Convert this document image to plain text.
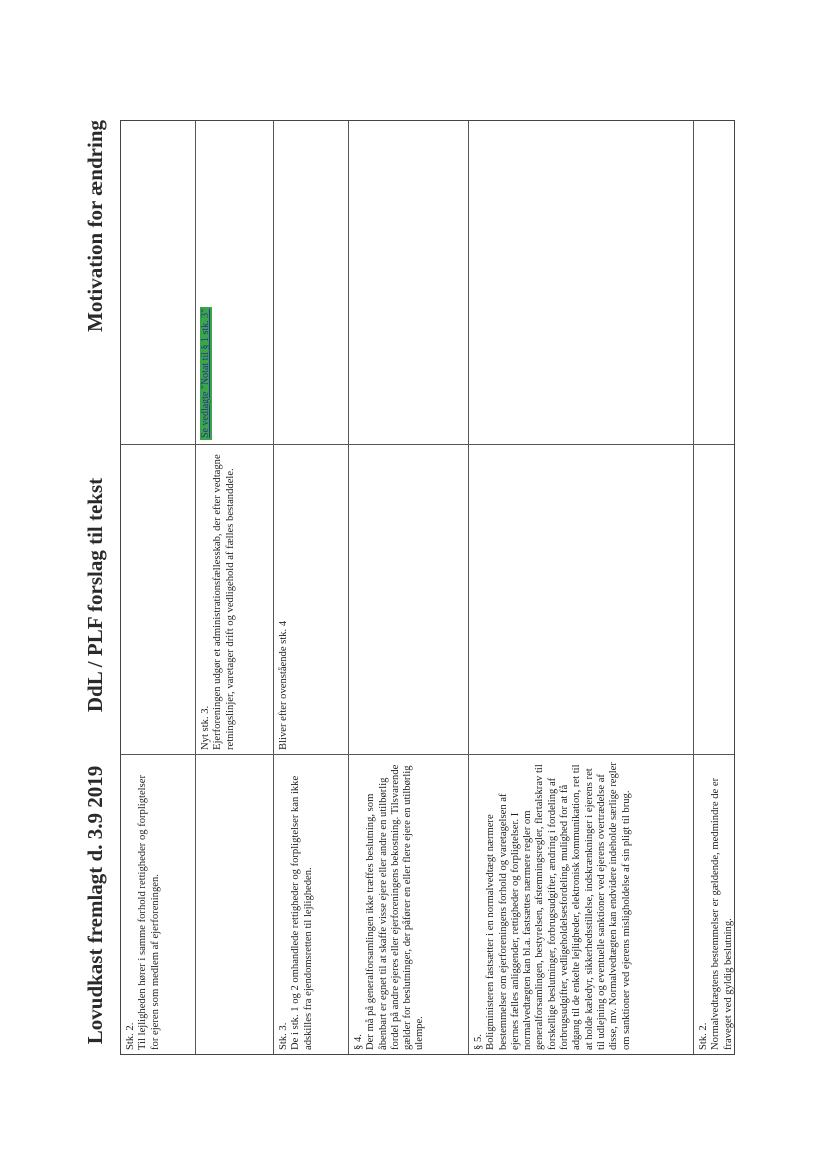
Lovudkast fremlagt d. 3.9 2019
DdL / PLF forslag til tekst
Motivation for ændring

Stk. 2.
Til lejligheden hører i samme forhold rettigheder og forpligtelser for ejeren som medlem af ejerforeningen.

Nyt stk. 3.
Ejerforeningen udgør et administrationsfællesskab, der efter vedtagne retningslinjer, varetager drift og vedligehold af fælles bestanddele.

Se vedlagte "Notat til § 1 stk. 3"

Stk. 3.
De i stk. 1 og 2 omhandlede rettigheder og forpligtelser kan ikke adskilles fra ejendomsretten til lejligheden.

Bliver efter ovenstående stk. 4

§ 4.
Der må på generalforsamlingen ikke træffes beslutning, som åbenbart er egnet til at skaffe visse ejere eller andre en utilbørlig fordel på andre ejeres eller ejerforeningens bekostning. Tilsvarende gælder for beslutninger, der påfører en eller flere ejere en utilbørlig ulempe.	§ 5.
Boligministeren fastsætter i en normalvedtægt nærmere bestemmelser om ejerforeningens forhold og varetagelsen af ejernes fælles anliggender, rettigheder og forpligtelser. I normalvedtægten kan bl.a. fastsættes nærmere regler om generalforsamlingen, bestyrelsen, afstemningsregler, flertalskrav til forskellige beslutninger, forbrugsudgifter, ændring i fordeling af forbrugsudgifter, vedligeholdelsesfordeling, mulighed for at få adgang til de enkelte lejligheder, elektronisk kommunikation, ret til at holde kæledyr, sikkerhedsstillelse, indskrænkninger i ejerens ret til udlejning og eventuelle sanktioner ved ejerens overtrædelse af disse, mv. Normalvedtægten kan endvidere indeholde særlige regler om sanktioner ved ejerens misligholdelse af sin pligt til brug.

Stk. 2.
Normalvedtægtens bestemmelser er gældende, medmindre de er fraveget ved gyldig beslutning.
